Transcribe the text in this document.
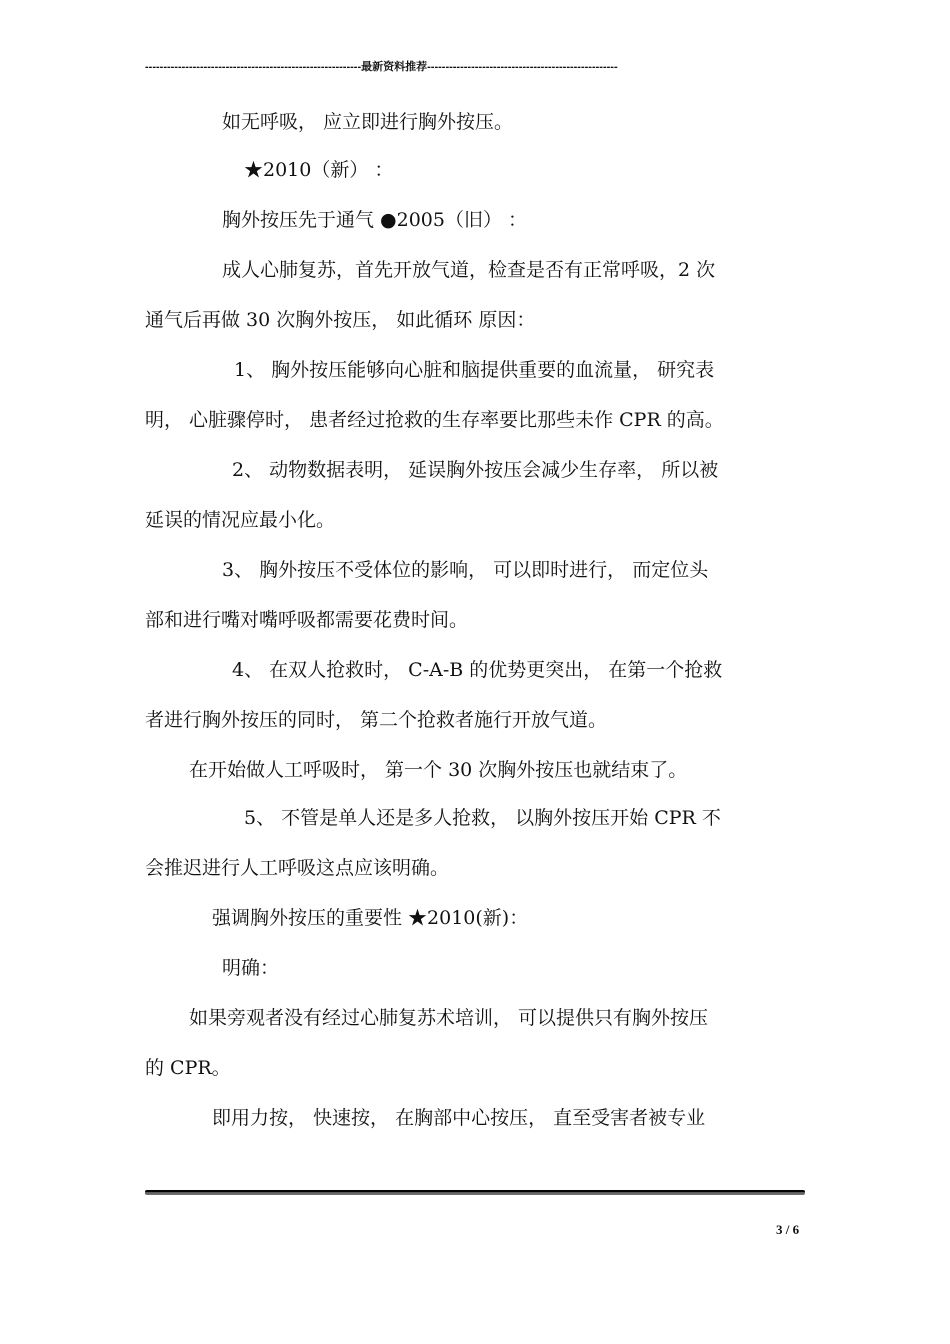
-----------------------------------------------------------最新资料推荐----------------------------------------------------
如无呼吸， 应立即进行胸外按压。
★2010（新） ：
胸外按压先于通气 ●2005（旧） ：
成人心肺复苏，首先开放气道，检查是否有正常呼吸，2 次
通气后再做 30 次胸外按压， 如此循环 原因：
1、 胸外按压能够向心脏和脑提供重要的血流量， 研究表
明， 心脏骤停时， 患者经过抢救的生存率要比那些未作 CPR 的高。
2、 动物数据表明， 延误胸外按压会减少生存率， 所以被
延误的情况应最小化。
3、 胸外按压不受体位的影响， 可以即时进行， 而定位头
部和进行嘴对嘴呼吸都需要花费时间。
4、 在双人抢救时， C-A-B 的优势更突出， 在第一个抢救
者进行胸外按压的同时， 第二个抢救者施行开放气道。
在开始做人工呼吸时， 第一个 30 次胸外按压也就结束了。
5、 不管是单人还是多人抢救， 以胸外按压开始 CPR 不
会推迟进行人工呼吸这点应该明确。
强调胸外按压的重要性 ★2010(新)：
明确：
如果旁观者没有经过心肺复苏术培训， 可以提供只有胸外按压
的 CPR。
即用力按， 快速按， 在胸部中心按压， 直至受害者被专业
3 / 6
